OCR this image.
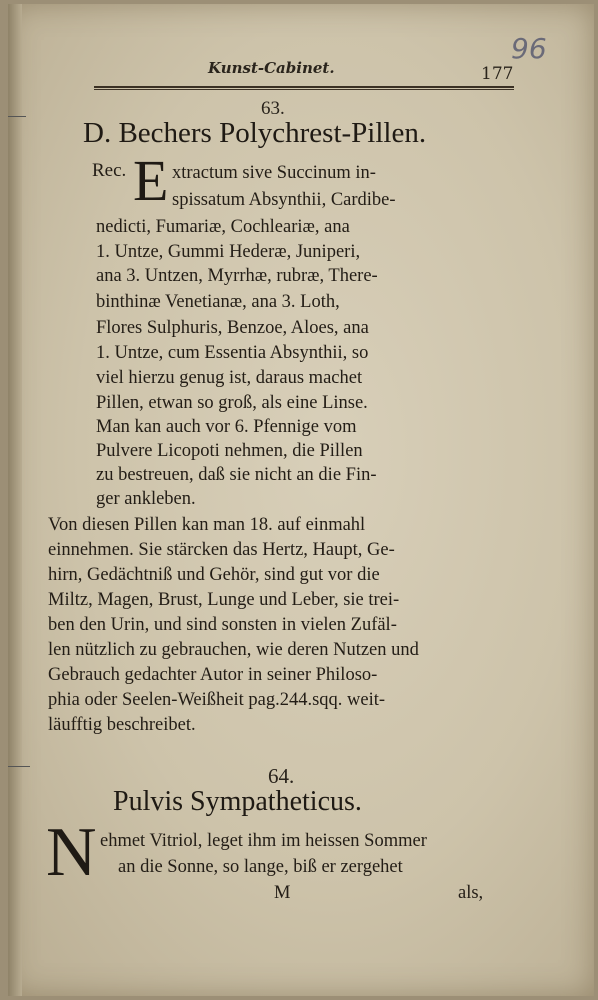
Kunst-Cabinet.	177
96
63.
D. Bechers Polychrest-Pillen.
Rec. E xtractum sive Succinum in-
spissatum Absynthii, Cardibe-
nedicti, Fumariæ, Cochleariæ, ana
1. Untze, Gummi Hederæ, Juniperi,
ana 3. Untzen, Myrrhæ, rubræ, There-
binthinæ Venetianæ, ana 3. Loth,
Flores Sulphuris, Benzoe, Aloes, ana
1. Untze, cum Essentia Absynthii, so
viel hierzu genug ist, daraus machet
Pillen, etwan so groß, als eine Linse.
Man kan auch vor 6. Pfennige vom
Pulvere Licopoti nehmen, die Pillen
zu bestreuen, daß sie nicht an die Fin-
ger ankleben.
Von diesen Pillen kan man 18. auf einmahl
einnehmen. Sie stärcken das Hertz, Haupt, Ge-
hirn, Gedächtniß und Gehör, sind gut vor die
Miltz, Magen, Brust, Lunge und Leber, sie trei-
ben den Urin, und sind sonsten in vielen Zufäl-
len nützlich zu gebrauchen, wie deren Nutzen und
Gebrauch gedachter Autor in seiner Philoso-
phia oder Seelen-Weißheit pag.244.sqq. weit-
läufftig beschreibet.
64.
Pulvis Sympatheticus.
N ehmet Vitriol, leget ihm im heissen Sommer
an die Sonne, so lange, biß er zergehet
M	als,
